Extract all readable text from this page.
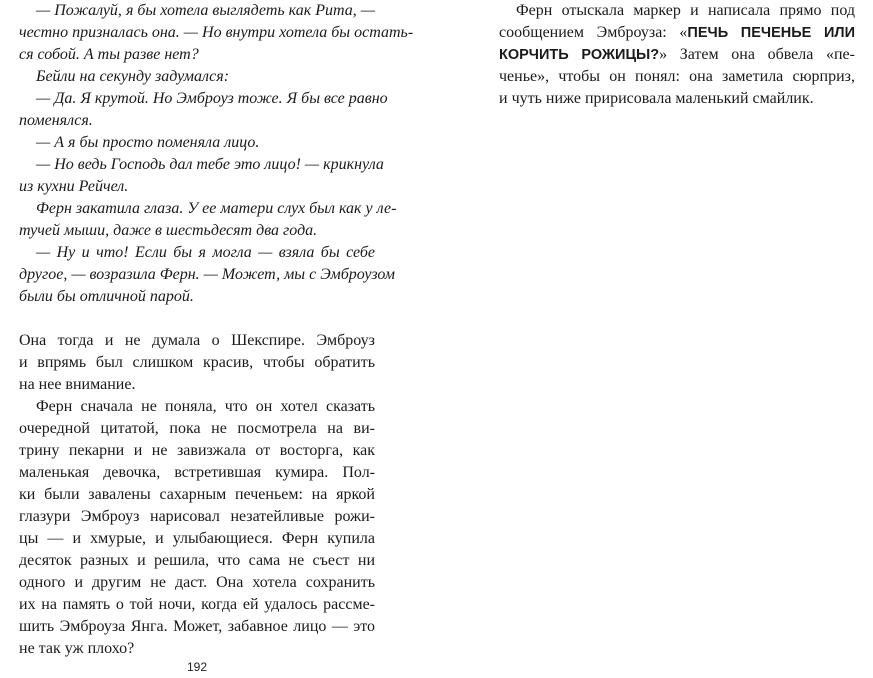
— Пожалуй, я бы хотела выглядеть как Рита, —
честно призналась она. — Но внутри хотела бы остать-
ся собой. А ты разве нет?
Бейли на секунду задумался:
— Да. Я крутой. Но Эмброуз тоже. Я бы все равно
поменялся.
— А я бы просто поменяла лицо.
— Но ведь Господь дал тебе это лицо! — крикнула
из кухни Рейчел.
Ферн закатила глаза. У ее матери слух был как у ле-
тучей мыши, даже в шестьдесят два года.
— Ну и что! Если бы я могла — взяла бы себе
другое, — возразила Ферн. — Может, мы с Эмброузом
были бы отличной парой.
Она тогда и не думала о Шекспире. Эмброуз
и впрямь был слишком красив, чтобы обратить
на нее внимание.
Ферн сначала не поняла, что он хотел сказать
очередной цитатой, пока не посмотрела на ви-
трину пекарни и не завизжала от восторга, как
маленькая девочка, встретившая кумира. Пол-
ки были завалены сахарным печеньем: на яркой
глазури Эмброуз нарисовал незатейливые рожи-
цы — и хмурые, и улыбающиеся. Ферн купила
десяток разных и решила, что сама не съест ни
одного и другим не даст. Она хотела сохранить
их на память о той ночи, когда ей удалось рассме-
шить Эмброуза Янга. Может, забавное лицо — это
не так уж плохо?
192
Ферн отыскала маркер и написала прямо под
сообщением Эмброуза: «ПЕЧЬ ПЕЧЕНЬЕ ИЛИ
КОРЧИТЬ РОЖИЦЫ?» Затем она обвела «пе-
ченье», чтобы он понял: она заметила сюрприз,
и чуть ниже пририсовала маленький смайлик.
